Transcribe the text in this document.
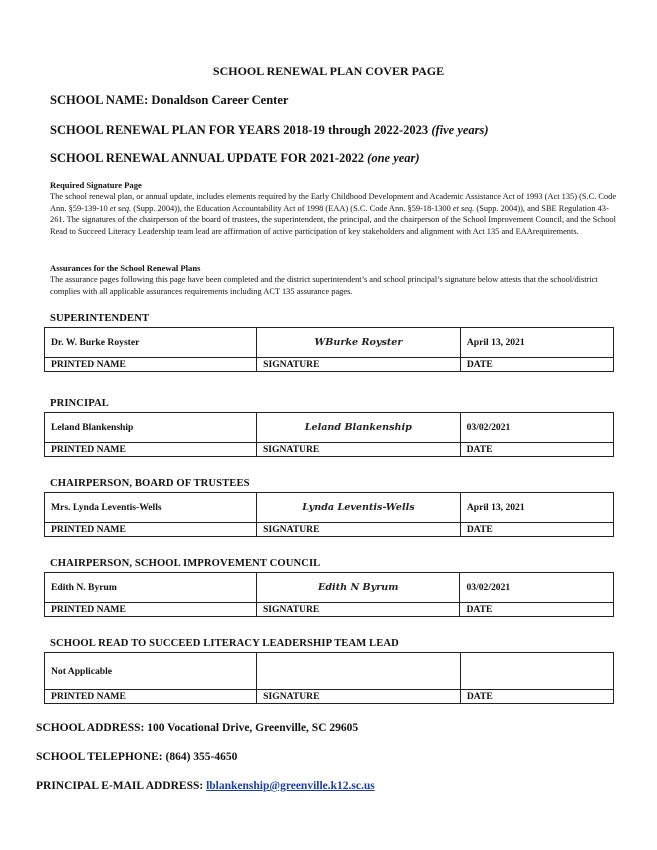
SCHOOL RENEWAL PLAN COVER PAGE
SCHOOL NAME: Donaldson Career Center
SCHOOL RENEWAL PLAN FOR YEARS 2018-19 through 2022-2023 (five years)
SCHOOL RENEWAL ANNUAL UPDATE FOR 2021-2022 (one year)
Required Signature Page
The school renewal plan, or annual update, includes elements required by the Early Childhood Development and Academic Assistance Act of 1993 (Act 135) (S.C. Code Ann. §59-139-10 et seq. (Supp. 2004)), the Education Accountability Act of 1998 (EAA) (S.C. Code Ann. §59-18-1300 et seq. (Supp. 2004)), and SBE Regulation 43-261. The signatures of the chairperson of the board of trustees, the superintendent, the principal, and the chairperson of the School Improvement Council, and the School Read to Succeed Literacy Leadership team lead are affirmation of active participation of key stakeholders and alignment with Act 135 and EAArequirements.
Assurances for the School Renewal Plans
The assurance pages following this page have been completed and the district superintendent’s and school principal’s signature below attests that the school/district complies with all applicable assurances requirements including ACT 135 assurance pages.
SUPERINTENDENT
Dr. W. Burke Royster	WBurke Royster	April 13, 2021
PRINTED NAME	SIGNATURE	DATE
PRINCIPAL
Leland Blankenship	Leland Blankenship	03/02/2021
PRINTED NAME	SIGNATURE	DATE
CHAIRPERSON, BOARD OF TRUSTEES
Mrs. Lynda Leventis-Wells	Lynda Leventis-Wells	April 13, 2021
PRINTED NAME	SIGNATURE	DATE
CHAIRPERSON, SCHOOL IMPROVEMENT COUNCIL
Edith N. Byrum	Edith N Byrum	03/02/2021
PRINTED NAME	SIGNATURE	DATE
SCHOOL READ TO SUCCEED LITERACY LEADERSHIP TEAM LEAD
Not Applicable		
PRINTED NAME	SIGNATURE	DATE
SCHOOL ADDRESS: 100 Vocational Drive, Greenville, SC 29605
SCHOOL TELEPHONE: (864) 355-4650
PRINCIPAL E-MAIL ADDRESS: lblankenship@greenville.k12.sc.us
